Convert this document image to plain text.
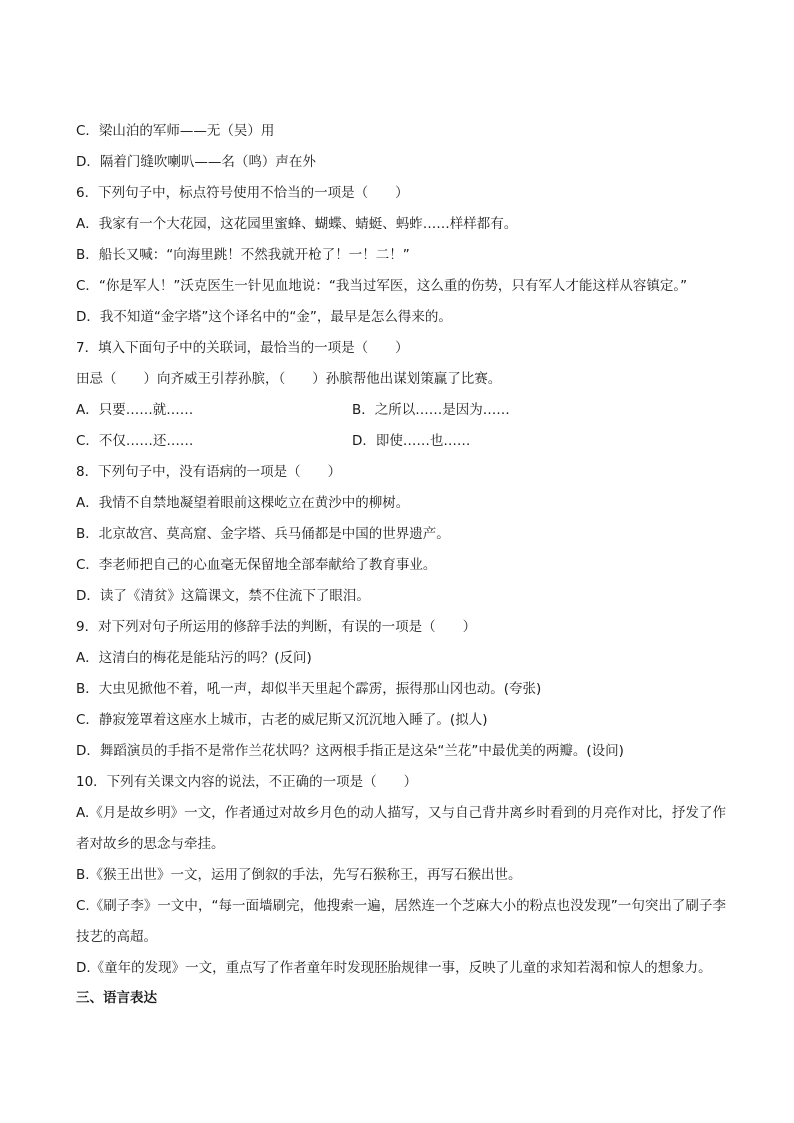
C．梁山泊的军师——无（吴）用
D．隔着门缝吹喇叭——名（鸣）声在外
6．下列句子中，标点符号使用不恰当的一项是（　　）
A．我家有一个大花园，这花园里蜜蜂、蝴蝶、蜻蜓、蚂蚱……样样都有。
B．船长又喊：“向海里跳！不然我就开枪了！一！二！”
C．“你是军人！”沃克医生一针见血地说：“我当过军医，这么重的伤势，只有军人才能这样从容镇定。”
D．我不知道“金字塔”这个译名中的“金”，最早是怎么得来的。
7．填入下面句子中的关联词，最恰当的一项是（　　）
田忌（　　）向齐威王引荐孙膑，（　　）孙膑帮他出谋划策赢了比赛。
A．只要……就……	B．之所以……是因为……
C．不仅……还……	D．即使……也……
8．下列句子中，没有语病的一项是（　　）
A．我情不自禁地凝望着眼前这棵屹立在黄沙中的柳树。
B．北京故宫、莫高窟、金字塔、兵马俑都是中国的世界遗产。
C．李老师把自己的心血毫无保留地全部奉献给了教育事业。
D．读了《清贫》这篇课文，禁不住流下了眼泪。
9．对下列对句子所运用的修辞手法的判断，有误的一项是（　　）
A．这清白的梅花是能玷污的吗？(反问)
B．大虫见掀他不着，吼一声，却似半天里起个霹雳，振得那山冈也动。(夸张)
C．静寂笼罩着这座水上城市，古老的威尼斯又沉沉地入睡了。(拟人)
D．舞蹈演员的手指不是常作兰花状吗？这两根手指正是这朵“兰花”中最优美的两瓣。(设问)
10．下列有关课文内容的说法，不正确的一项是（　　）
A.《月是故乡明》一文，作者通过对故乡月色的动人描写，又与自己背井离乡时看到的月亮作对比，抒发了作者对故乡的思念与牵挂。
B.《猴王出世》一文，运用了倒叙的手法，先写石猴称王，再写石猴出世。
C.《刷子李》一文中，“每一面墙刷完，他搜索一遍，居然连一个芝麻大小的粉点也没发现”一句突出了刷子李技艺的高超。
D.《童年的发现》一文，重点写了作者童年时发现胚胎规律一事，反映了儿童的求知若渴和惊人的想象力。
三、语言表达
